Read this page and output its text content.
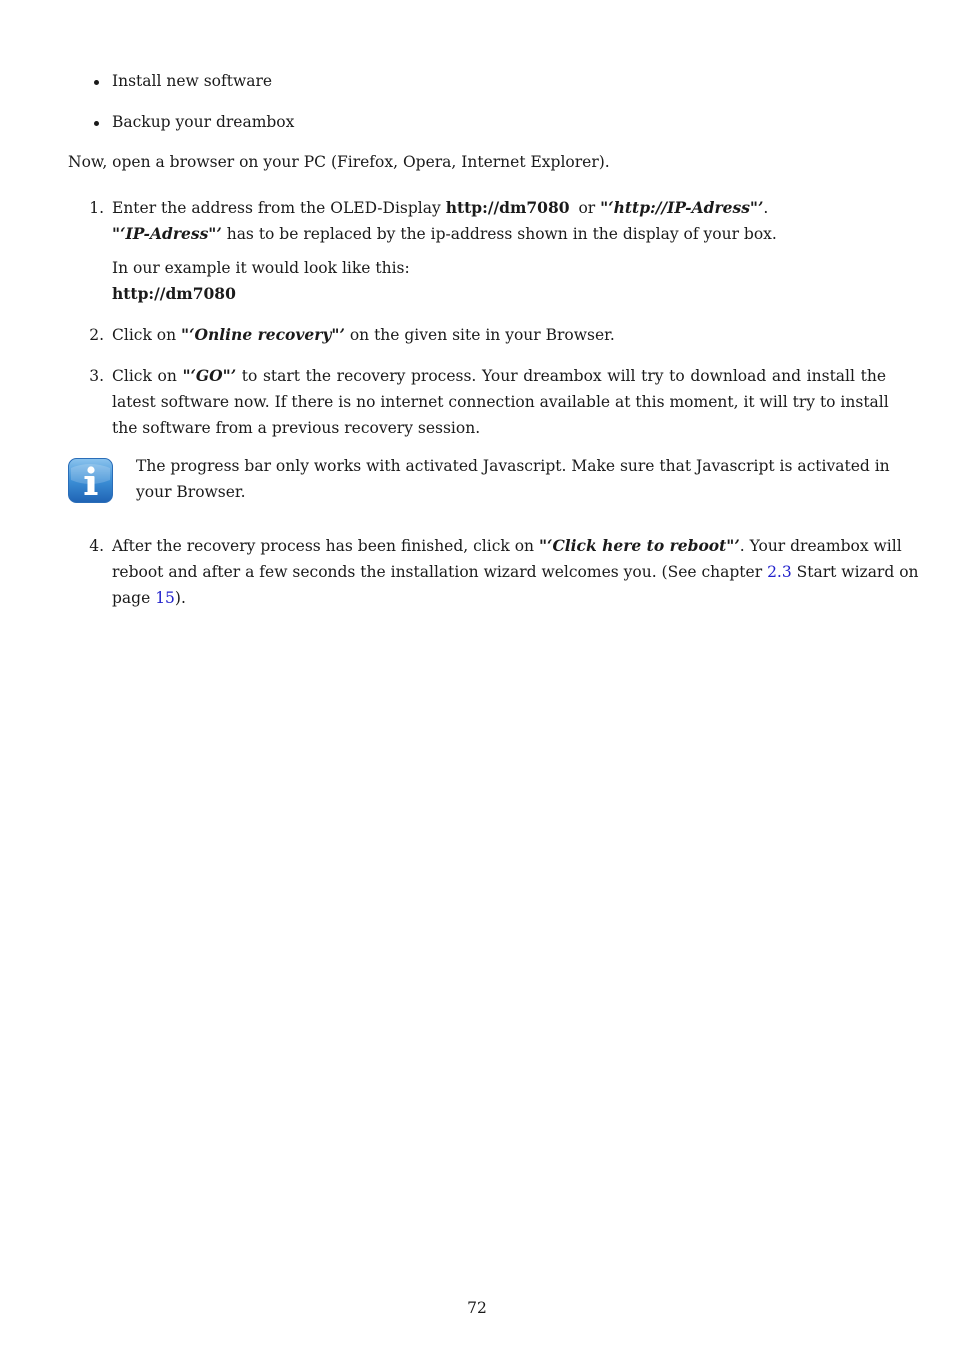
Install new software
Backup your dreambox
Now, open a browser on your PC (Firefox, Opera, Internet Explorer).
1. Enter the address from the OLED-Display http://dm7080 or "‘http://IP-Adress"’.
"‘IP-Adress"’ has to be replaced by the ip-address shown in the display of your box.
In our example it would look like this:
http://dm7080
2. Click on "‘Online recovery"’ on the given site in your Browser.
3. Click on "‘GO"’ to start the recovery process. Your dreambox will try to download and install the
latest software now. If there is no internet connection available at this moment, it will try to install
the software from a previous recovery session.
The progress bar only works with activated Javascript. Make sure that Javascript is activated in
your Browser.
4. After the recovery process has been finished, click on "‘Click here to reboot"’. Your dreambox will
reboot and after a few seconds the installation wizard welcomes you. (See chapter 2.3 Start wizard on
page 15).
72
